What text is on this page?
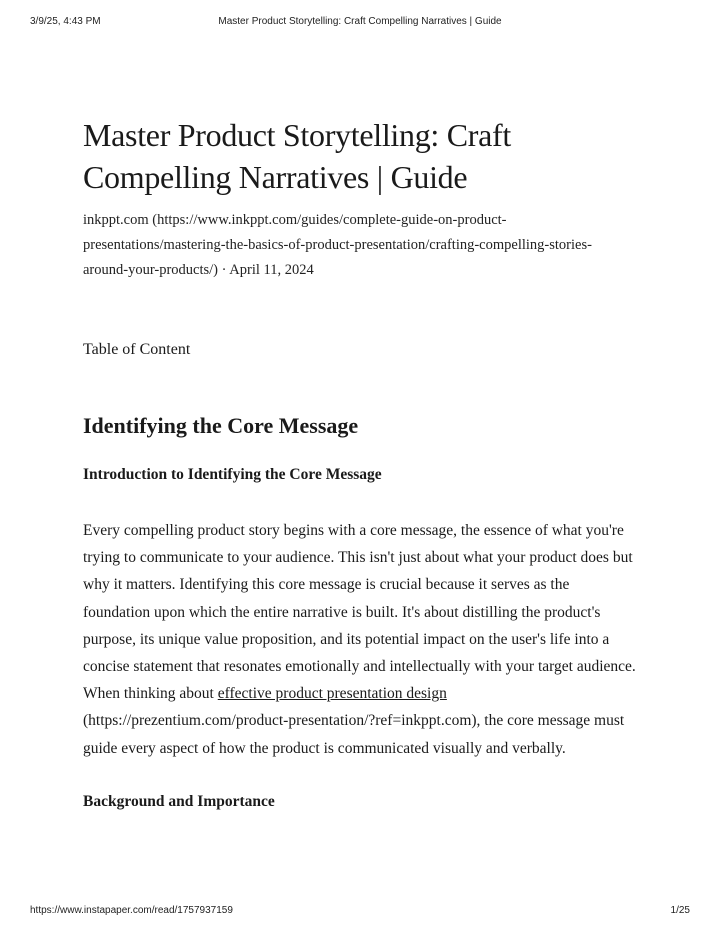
3/9/25, 4:43 PM	Master Product Storytelling: Craft Compelling Narratives | Guide
Master Product Storytelling: Craft
Compelling Narratives | Guide
inkppt.com (https://www.inkppt.com/guides/complete-guide-on-product-
presentations/mastering-the-basics-of-product-presentation/crafting-compelling-stories-
around-your-products/) · April 11, 2024
Table of Content
Identifying the Core Message
Introduction to Identifying the Core Message

Every compelling product story begins with a core message, the essence of what you're trying to communicate to your audience. This isn't just about what your product does but why it matters. Identifying this core message is crucial because it serves as the foundation upon which the entire narrative is built. It's about distilling the product's purpose, its unique value proposition, and its potential impact on the user's life into a concise statement that resonates emotionally and intellectually with your target audience. When thinking about effective product presentation design (https://prezentium.com/product-presentation/?ref=inkppt.com), the core message must guide every aspect of how the product is communicated visually and verbally.

Background and Importance
https://www.instapaper.com/read/1757937159	1/25
